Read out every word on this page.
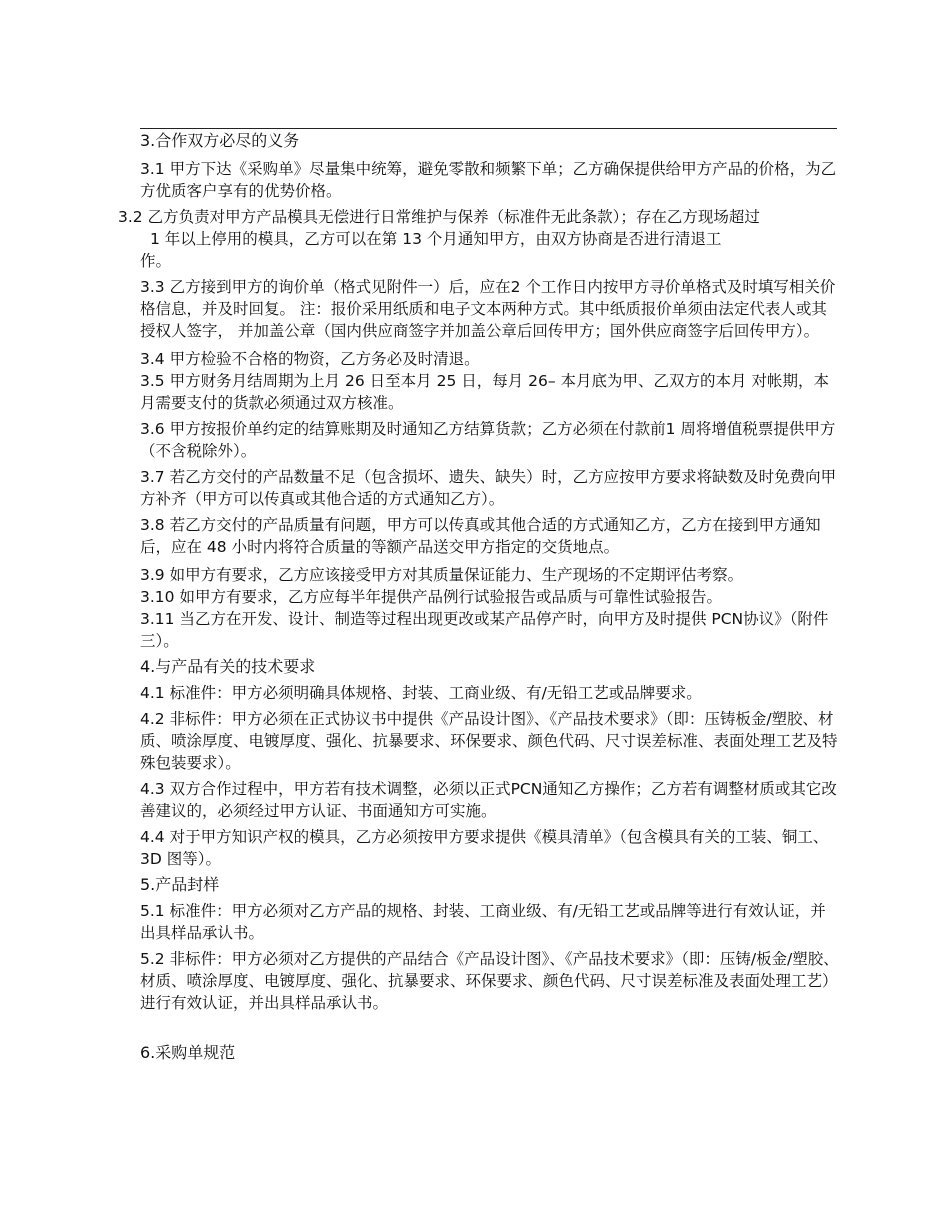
3.合作双方必尽的义务

3.1 甲方下达《采购单》尽量集中统筹，避免零散和频繁下单；乙方确保提供给甲方产品的价格，为乙方优质客户享有的优势价格。

3.2 乙方负责对甲方产品模具无偿进行日常维护与保养（标准件无此条款）；存在乙方现场超过
1 年以上停用的模具，乙方可以在第 13 个月通知甲方，由双方协商是否进行清退工
作。

3.3 乙方接到甲方的询价单（格式见附件一）后，应在2 个工作日内按甲方寻价单格式及时填写相关价格信息，并及时回复。 注：报价采用纸质和电子文本两种方式。其中纸质报价单须由法定代表人或其授权人签字， 并加盖公章（国内供应商签字并加盖公章后回传甲方；国外供应商签字后回传甲方）。

3.4 甲方检验不合格的物资，乙方务必及时清退。

3.5 甲方财务月结周期为上月 26 日至本月 25 日，每月 26– 本月底为甲、乙双方的本月 对帐期，本月需要支付的货款必须通过双方核准。

3.6 甲方按报价单约定的结算账期及时通知乙方结算货款；乙方必须在付款前1 周将增值税票提供甲方（不含税除外）。

3.7 若乙方交付的产品数量不足（包含损坏、遗失、缺失）时，乙方应按甲方要求将缺数及时免费向甲方补齐（甲方可以传真或其他合适的方式通知乙方）。

3.8 若乙方交付的产品质量有问题，甲方可以传真或其他合适的方式通知乙方，乙方在接到甲方通知后，应在 48 小时内将符合质量的等额产品送交甲方指定的交货地点。

3.9 如甲方有要求，乙方应该接受甲方对其质量保证能力、生产现场的不定期评估考察。

3.10 如甲方有要求，乙方应每半年提供产品例行试验报告或品质与可靠性试验报告。

3.11 当乙方在开发、设计、制造等过程出现更改或某产品停产时，向甲方及时提供 PCN协议》（附件三）。

4.与产品有关的技术要求

4.1 标准件：甲方必须明确具体规格、封装、工商业级、有/无铅工艺或品牌要求。

4.2 非标件：甲方必须在正式协议书中提供《产品设计图》、《产品技术要求》（即：压铸板金/塑胶、材质、喷涂厚度、电镀厚度、强化、抗暴要求、环保要求、颜色代码、尺寸误差标准、表面处理工艺及特殊包装要求）。

4.3 双方合作过程中，甲方若有技术调整，必须以正式PCN通知乙方操作；乙方若有调整材质或其它改善建议的，必须经过甲方认证、书面通知方可实施。

4.4 对于甲方知识产权的模具，乙方必须按甲方要求提供《模具清单》（包含模具有关的工装、铜工、3D 图等）。

5.产品封样

5.1 标准件：甲方必须对乙方产品的规格、封装、工商业级、有/无铅工艺或品牌等进行有效认证，并出具样品承认书。

5.2 非标件：甲方必须对乙方提供的产品结合《产品设计图》、《产品技术要求》（即：压铸/板金/塑胶、材质、喷涂厚度、电镀厚度、强化、抗暴要求、环保要求、颜色代码、尺寸误差标准及表面处理工艺）进行有效认证，并出具样品承认书。

6.采购单规范
